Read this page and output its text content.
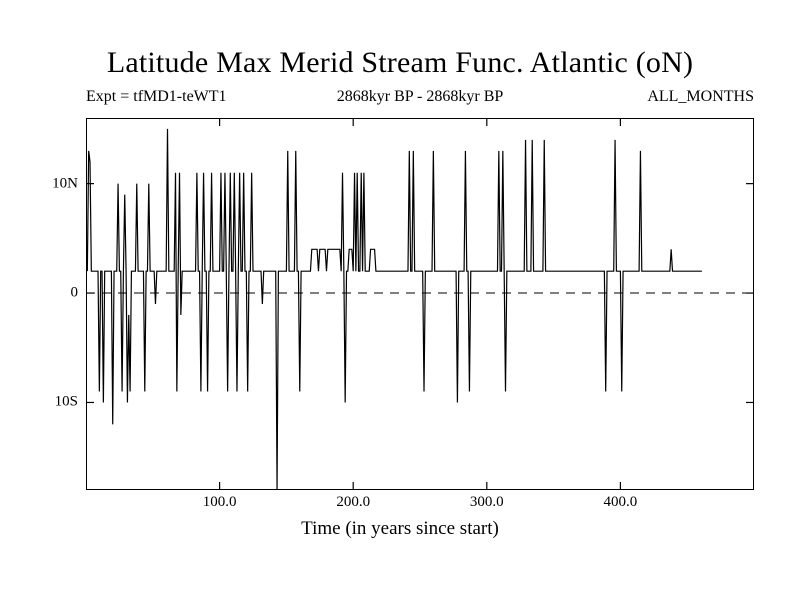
Latitude Max Merid Stream Func. Atlantic (oN)
Expt = tfMD1-teWT1	2868kyr BP - 2868kyr BP	ALL_MONTHS
10S
0
10N
100.0	200.0	300.0	400.0
Time (in years since start)
